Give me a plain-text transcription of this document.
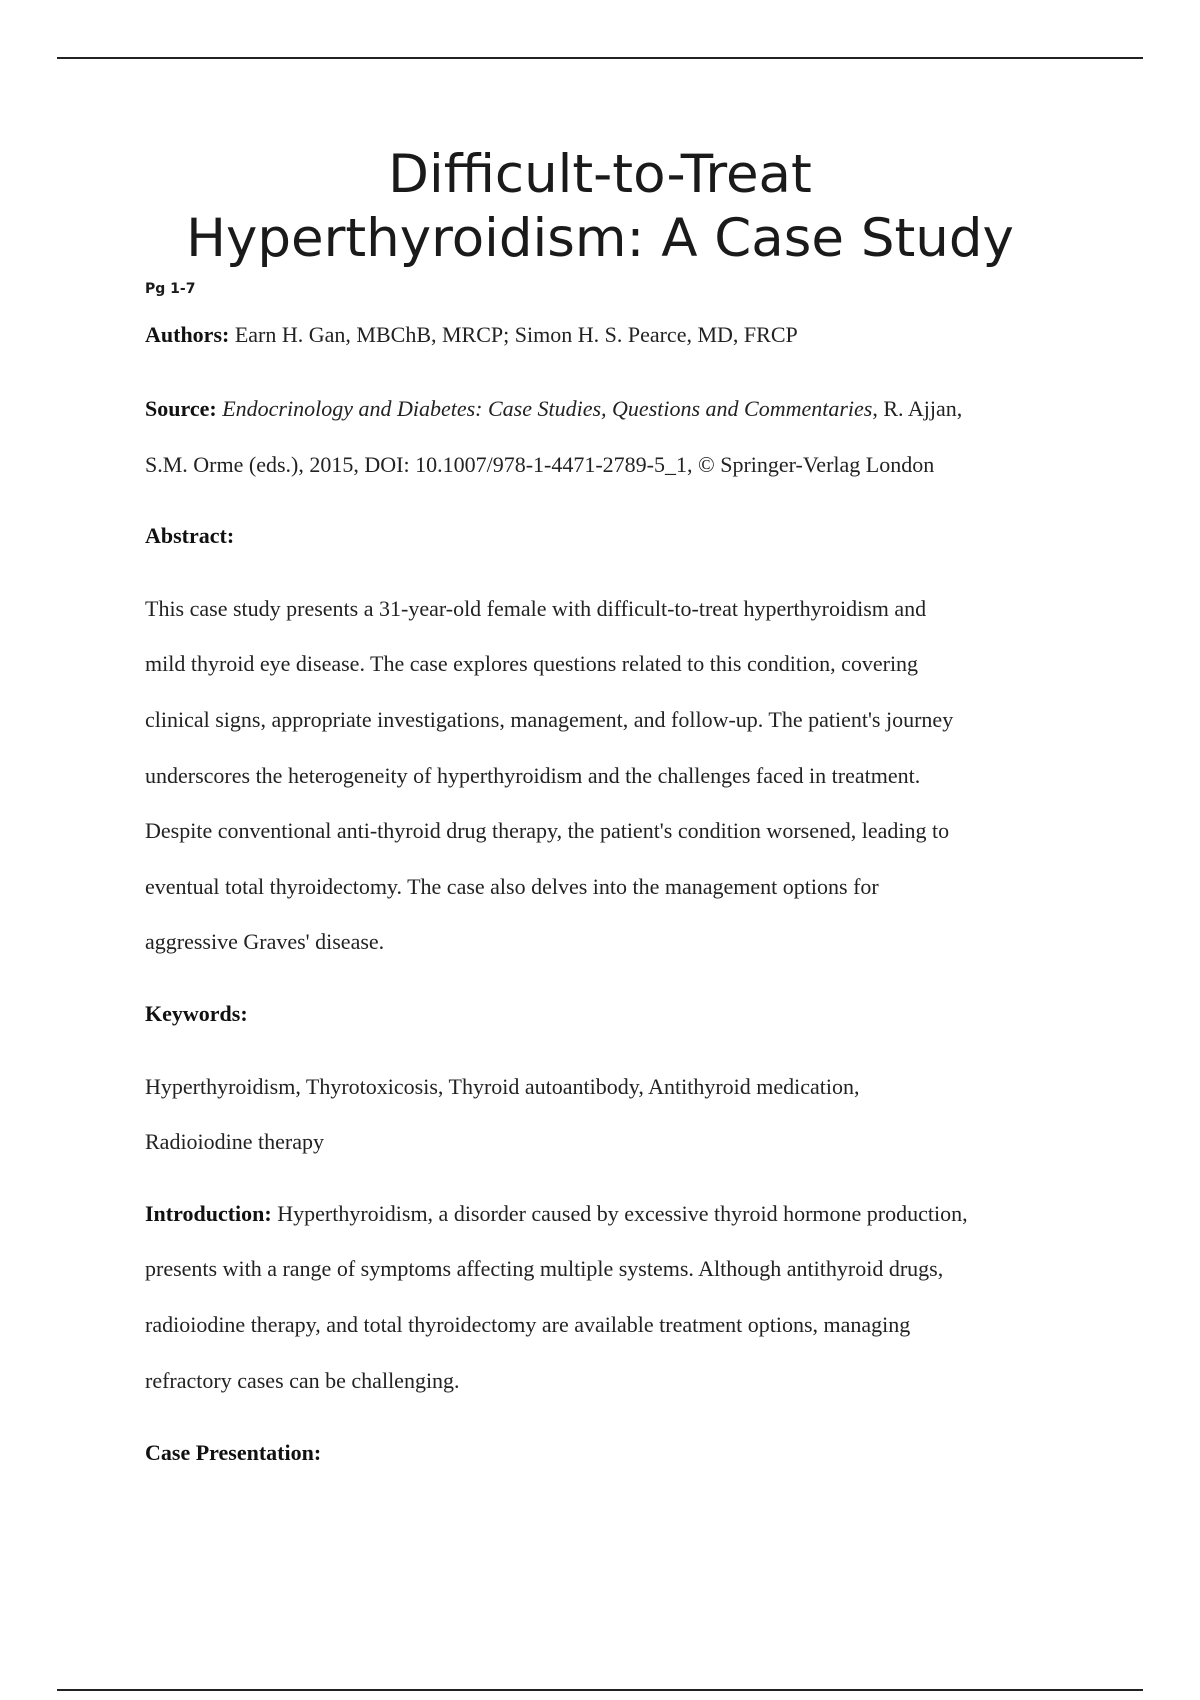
Difficult-to-Treat
Hyperthyroidism: A Case Study
Pg 1-7
Authors: Earn H. Gan, MBChB, MRCP; Simon H. S. Pearce, MD, FRCP
Source: Endocrinology and Diabetes: Case Studies, Questions and Commentaries, R. Ajjan,
S.M. Orme (eds.), 2015, DOI: 10.1007/978-1-4471-2789-5_1, © Springer-Verlag London
Abstract:
This case study presents a 31-year-old female with difficult-to-treat hyperthyroidism and
mild thyroid eye disease. The case explores questions related to this condition, covering
clinical signs, appropriate investigations, management, and follow-up. The patient's journey
underscores the heterogeneity of hyperthyroidism and the challenges faced in treatment.
Despite conventional anti-thyroid drug therapy, the patient's condition worsened, leading to
eventual total thyroidectomy. The case also delves into the management options for
aggressive Graves' disease.
Keywords:
Hyperthyroidism, Thyrotoxicosis, Thyroid autoantibody, Antithyroid medication,
Radioiodine therapy
Introduction: Hyperthyroidism, a disorder caused by excessive thyroid hormone production,
presents with a range of symptoms affecting multiple systems. Although antithyroid drugs,
radioiodine therapy, and total thyroidectomy are available treatment options, managing
refractory cases can be challenging.
Case Presentation:
